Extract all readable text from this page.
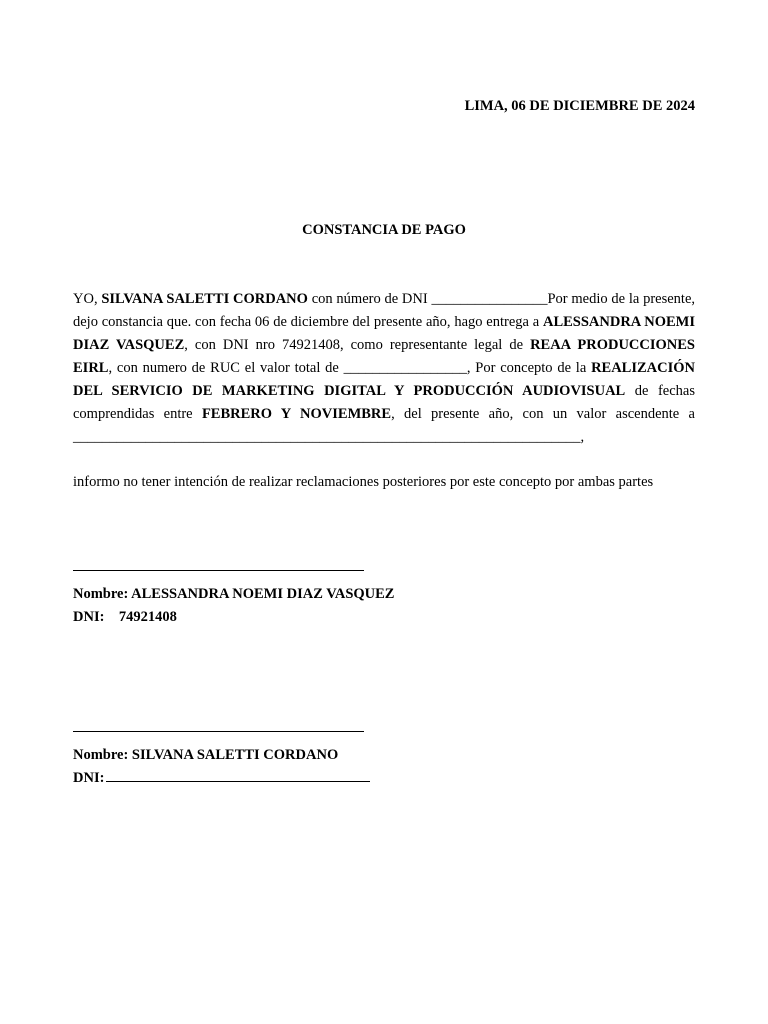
LIMA, 06 DE DICIEMBRE DE 2024
CONSTANCIA DE PAGO
YO, SILVANA SALETTI CORDANO con número de DNI ________________Por medio de la presente, dejo constancia que. con fecha 06 de diciembre del presente año, hago entrega a ALESSANDRA NOEMI DIAZ VASQUEZ, con DNI nro 74921408, como representante legal de REAA PRODUCCIONES EIRL, con numero de RUC el valor total de _________________, Por concepto de la REALIZACIÓN DEL SERVICIO DE MARKETING DIGITAL Y PRODUCCIÓN AUDIOVISUAL de fechas comprendidas entre FEBRERO Y NOVIEMBRE, del presente año, con un valor ascendente a ______________________________________________________________________,
informo no tener intención de realizar reclamaciones posteriores por este concepto por ambas partes
Nombre: ALESSANDRA NOEMI DIAZ VASQUEZ
DNI: 74921408
Nombre: SILVANA SALETTI CORDANO
DNI:
